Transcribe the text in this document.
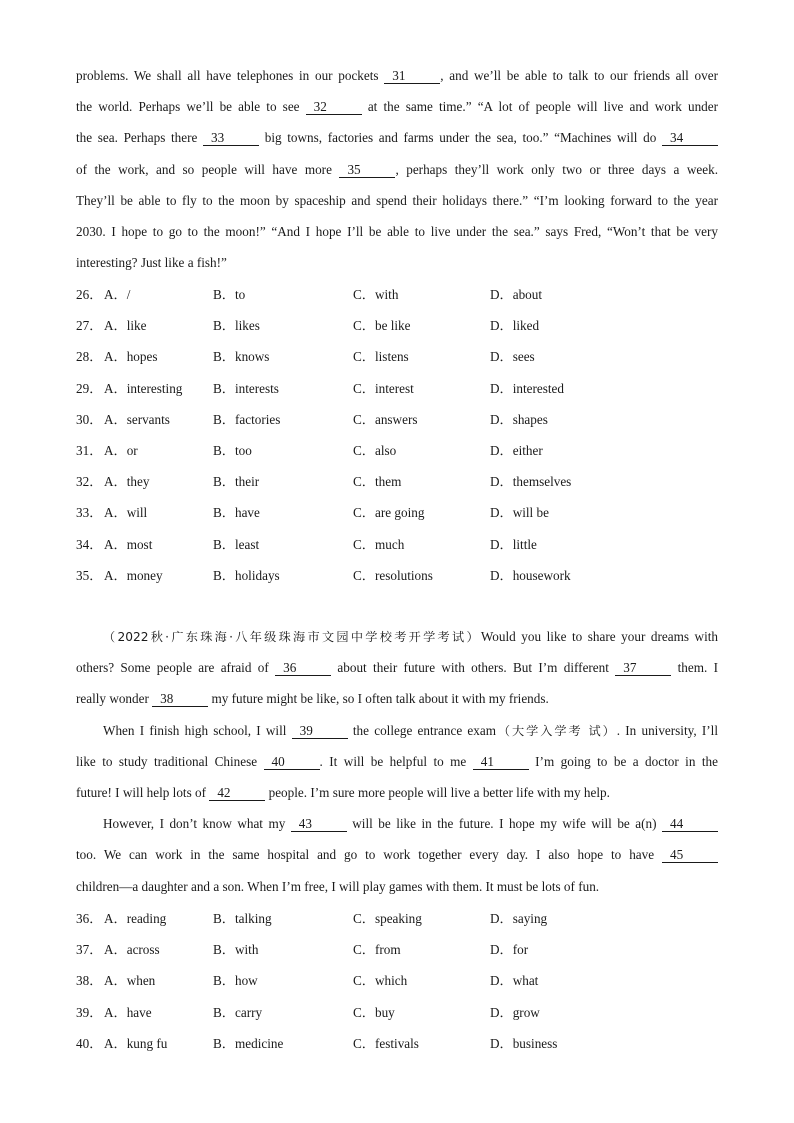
problems. We shall all have telephones in our pockets 31	, and we’ll be able to talk to our friends all over
the world. Perhaps we’ll be able to see 32	at the same time.” “A lot of people will live and work under
the sea. Perhaps there 33	big towns, factories and farms under the sea, too.” “Machines will do 34
of the work, and so people will have more 35	, perhaps they’ll work only two or three days a week.
They’ll be able to fly to the moon by spaceship and spend their holidays there.” “I’m looking forward to the year
2030. I hope to go to the moon!” “And I hope I’ll be able to live under the sea.” says Fred, “Won’t that be very
interesting? Just like a fish!”
26． A．/	B．to	C．with	D．about
27． A．like	B．likes	C．be like	D．liked
28． A．hopes	B．knows	C．listens	D．sees
29． A．interesting B．interests	C．interest	D．interested
30． A．servants	B．factories	C．answers	D．shapes
31． A．or	B．too	C．also	D．either
32． A．they	B．their	C．them	D．themselves
33． A．will	B．have	C．are going	D．will be
34． A．most	B．least	C．much	D．little
35． A．money	B．holidays	C．resolutions	D．housework
（2022秋·广东珠海·八年级珠海市文园中学校考开学考试）Would you like to share your dreams with
others? Some people are afraid of 36	about their future with others. But I’m different 37	them. I
really wonder 38	my future might be like, so I often talk about it with my friends.
When I finish high school, I will 39	the college entrance exam（大学入学考 试）. In university, I’ll
like to study traditional Chinese 40	. It will be helpful to me 41	I’m going to be a doctor in the
future! I will help lots of 42	people. I’m sure more people will live a better life with my help.
However, I don’t know what my 43	will be like in the future. I hope my wife will be a(n) 44
too. We can work in the same hospital and go to work together every day. I also hope to have 45
children—a daughter and a son. When I’m free, I will play games with them. It must be lots of fun.
36． A．reading	B．talking	C．speaking	D．saying
37． A．across	B．with	C．from	D．for
38． A．when	B．how	C．which	D．what
39． A．have	B．carry	C．buy	D．grow
40． A．kung fu	B．medicine	C．festivals	D．business
